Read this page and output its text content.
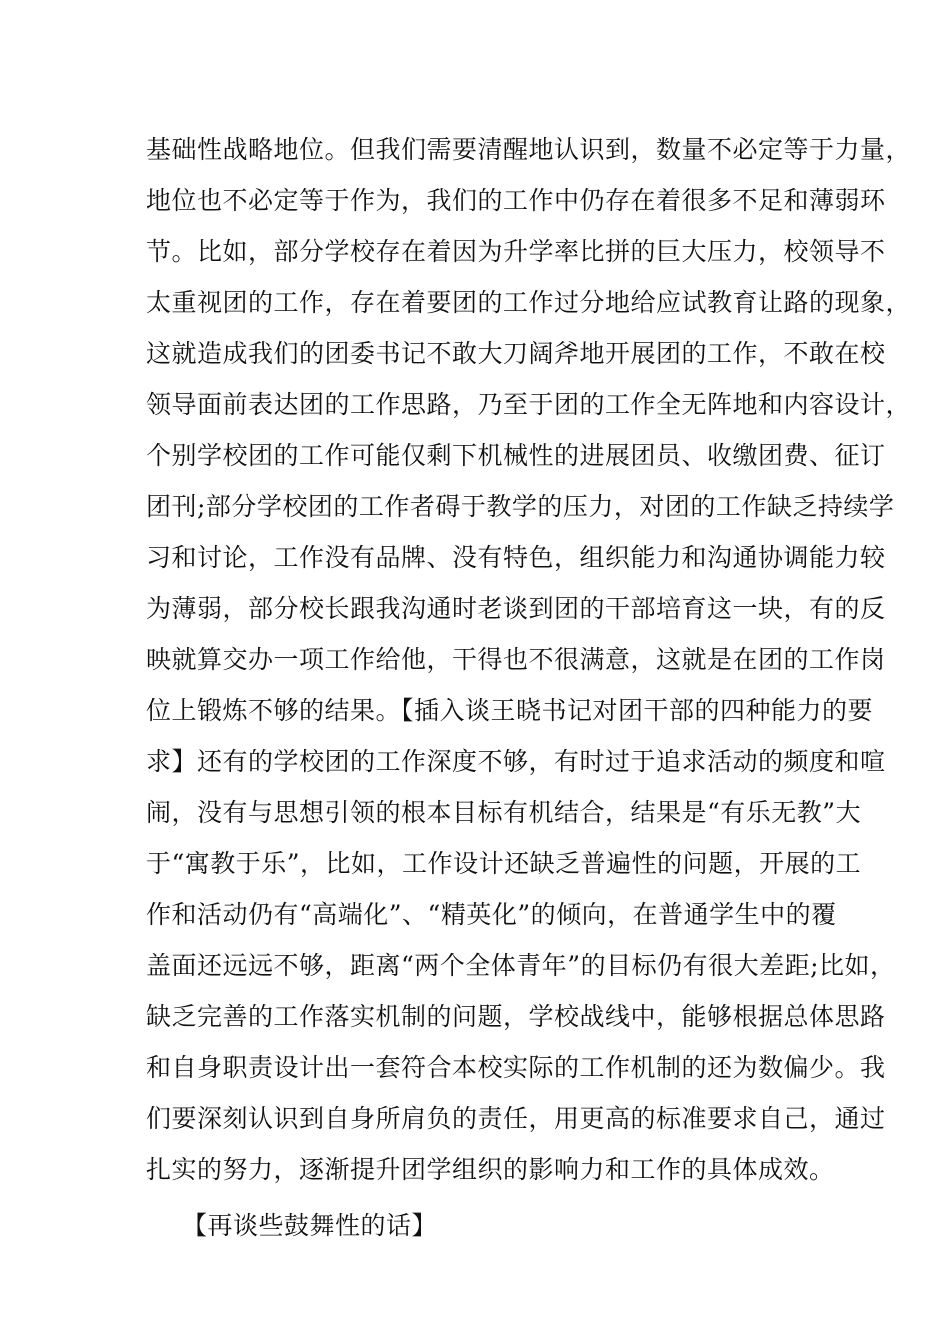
基础性战略地位。但我们需要清醒地认识到，数量不必定等于力量，
地位也不必定等于作为，我们的工作中仍存在着很多不足和薄弱环
节。比如，部分学校存在着因为升学率比拼的巨大压力，校领导不
太重视团的工作，存在着要团的工作过分地给应试教育让路的现象，
这就造成我们的团委书记不敢大刀阔斧地开展团的工作，不敢在校
领导面前表达团的工作思路，乃至于团的工作全无阵地和内容设计，
个别学校团的工作可能仅剩下机械性的进展团员、收缴团费、征订
团刊;部分学校团的工作者碍于教学的压力，对团的工作缺乏持续学
习和讨论，工作没有品牌、没有特色，组织能力和沟通协调能力较
为薄弱，部分校长跟我沟通时老谈到团的干部培育这一块，有的反
映就算交办一项工作给他，干得也不很满意，这就是在团的工作岗
位上锻炼不够的结果。【插入谈王晓书记对团干部的四种能力的要
求】还有的学校团的工作深度不够，有时过于追求活动的频度和喧
闹，没有与思想引领的根本目标有机结合，结果是“有乐无教”大
于“寓教于乐”，比如，工作设计还缺乏普遍性的问题，开展的工
作和活动仍有“高端化”、“精英化”的倾向，在普通学生中的覆
盖面还远远不够，距离“两个全体青年”的目标仍有很大差距;比如，
缺乏完善的工作落实机制的问题，学校战线中，能够根据总体思路
和自身职责设计出一套符合本校实际的工作机制的还为数偏少。我
们要深刻认识到自身所肩负的责任，用更高的标准要求自己，通过
扎实的努力，逐渐提升团学组织的影响力和工作的具体成效。
【再谈些鼓舞性的话】
